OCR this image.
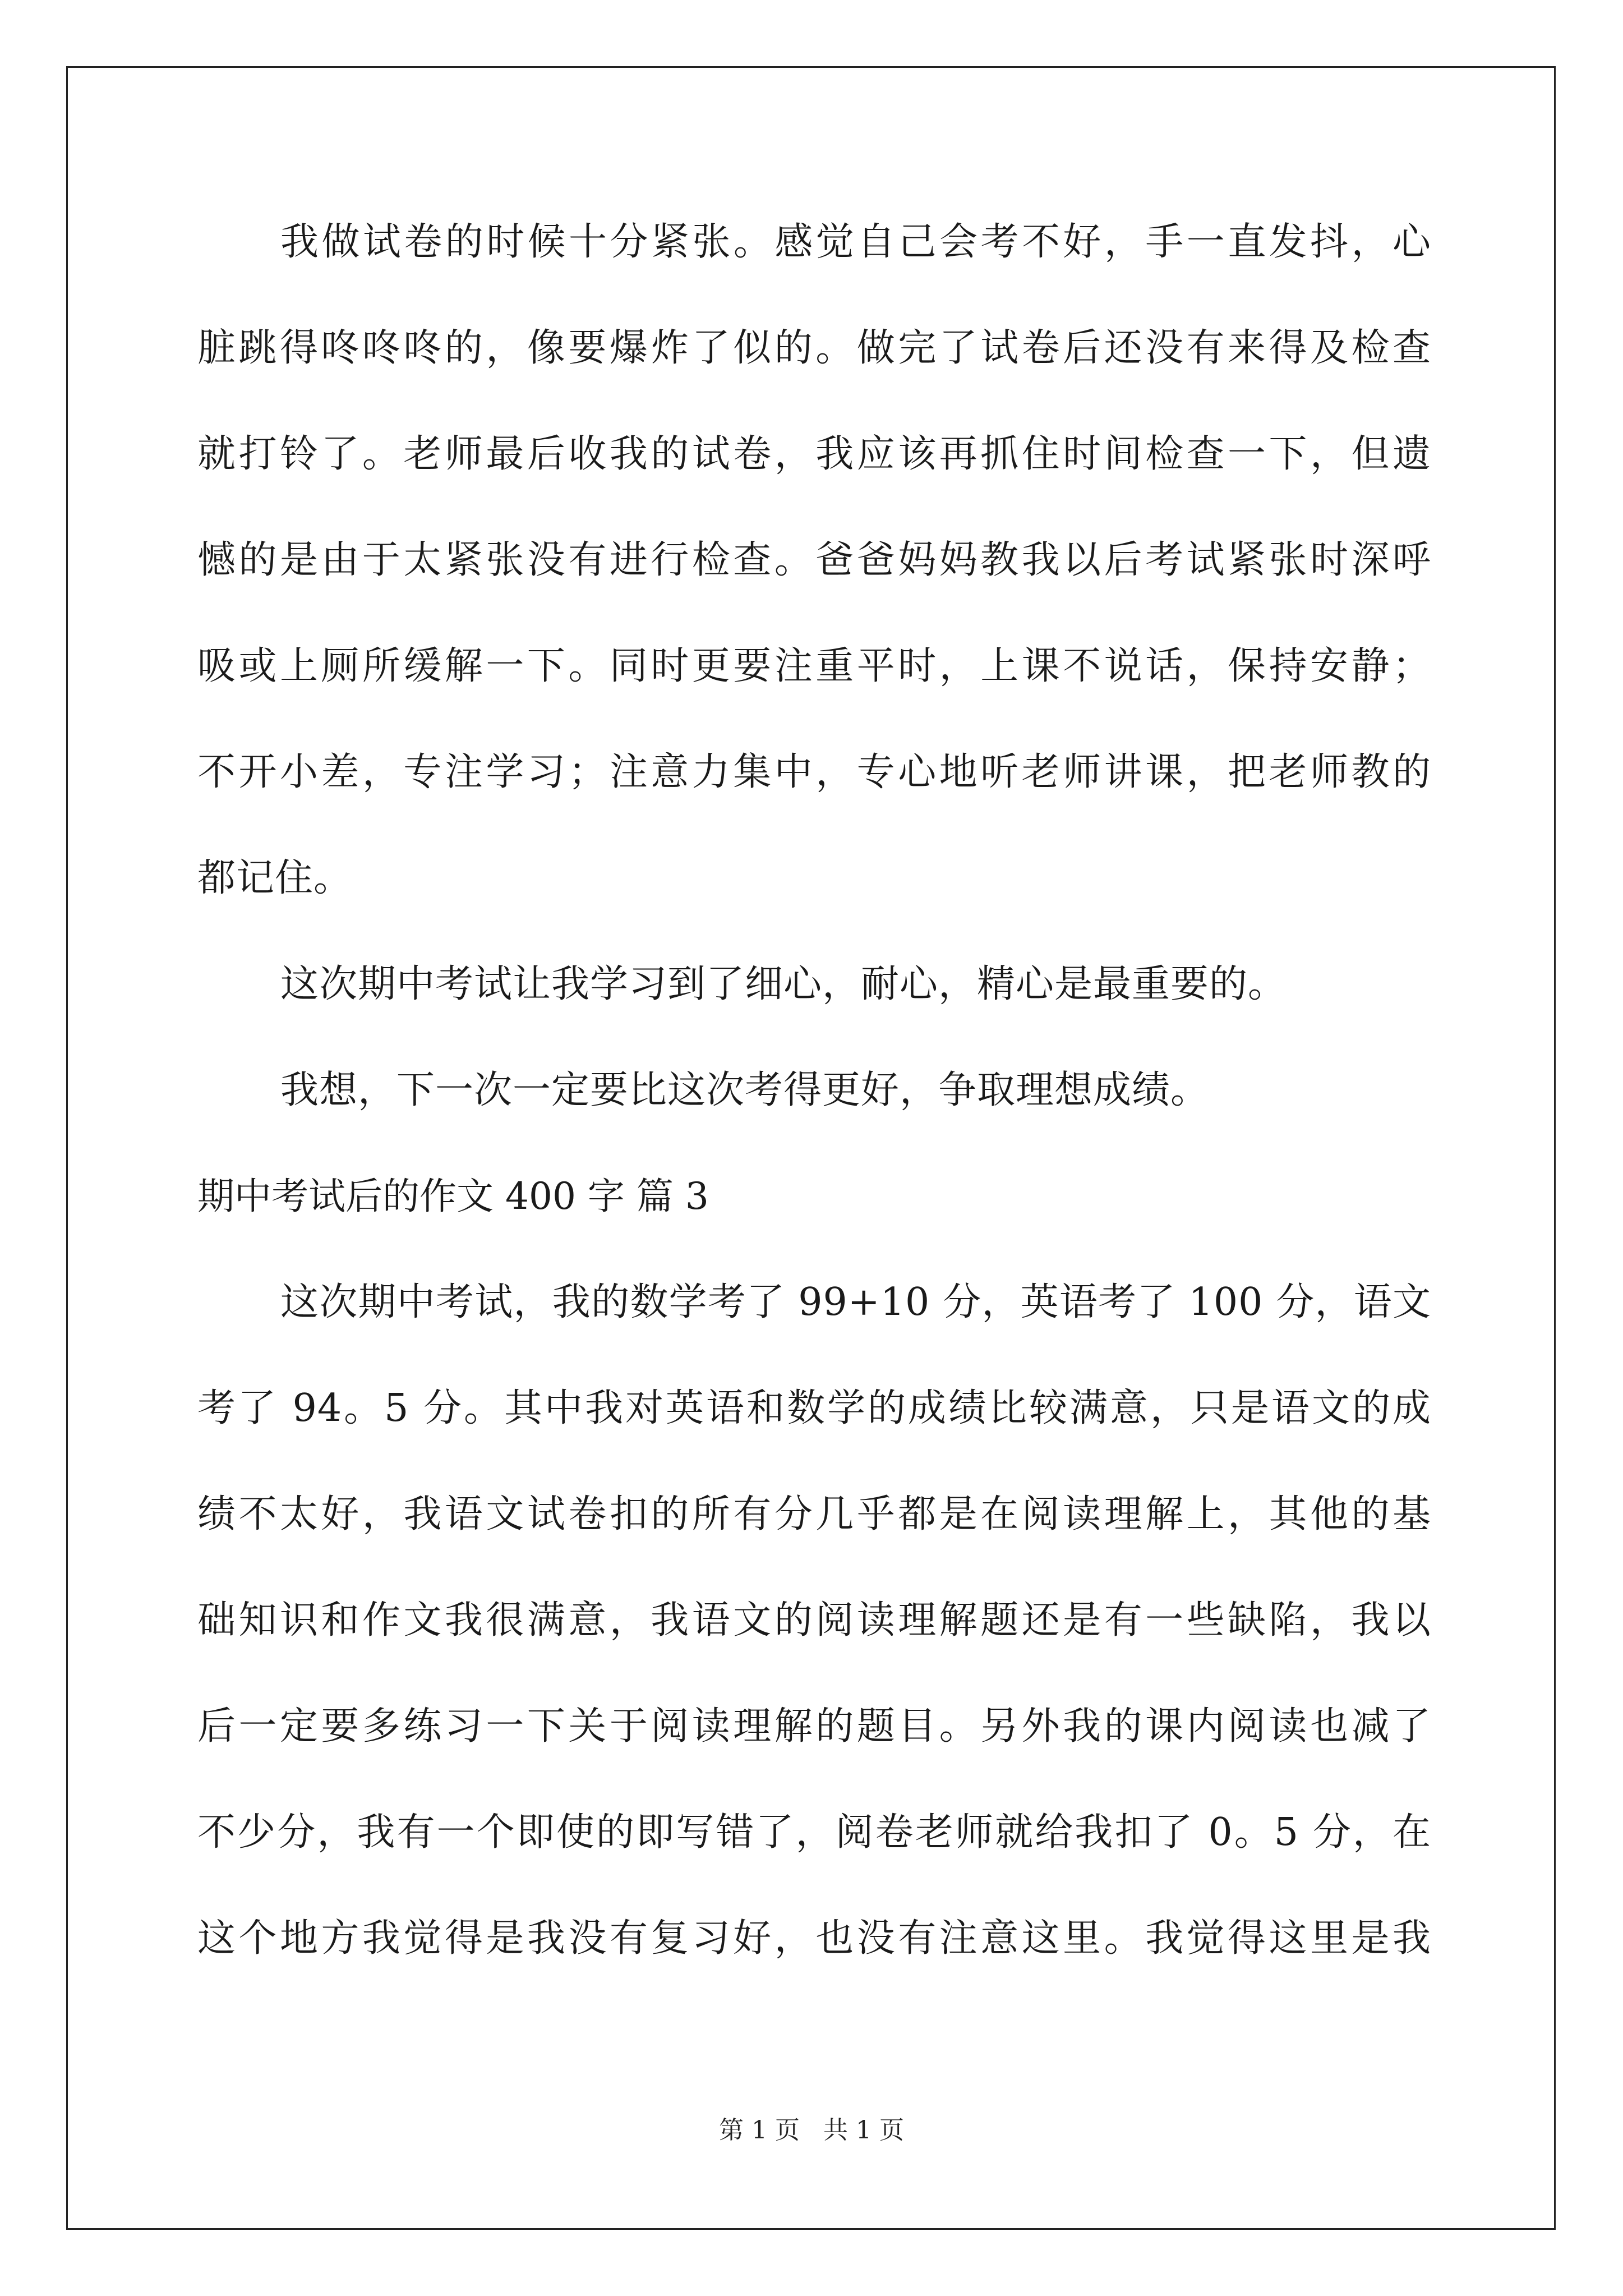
我做试卷的时候十分紧张。感觉自己会考不好，手一直发抖，心
脏跳得咚咚咚的，像要爆炸了似的。做完了试卷后还没有来得及检查
就打铃了。老师最后收我的试卷，我应该再抓住时间检查一下，但遗
憾的是由于太紧张没有进行检查。爸爸妈妈教我以后考试紧张时深呼
吸或上厕所缓解一下。同时更要注重平时，上课不说话，保持安静；
不开小差，专注学习；注意力集中，专心地听老师讲课，把老师教的
都记住。
这次期中考试让我学习到了细心，耐心，精心是最重要的。
我想，下一次一定要比这次考得更好，争取理想成绩。
期中考试后的作文 400 字 篇 3
这次期中考试，我的数学考了 99+10 分，英语考了 100 分，语文
考了 94。5 分。其中我对英语和数学的成绩比较满意，只是语文的成
绩不太好，我语文试卷扣的所有分几乎都是在阅读理解上，其他的基
础知识和作文我很满意，我语文的阅读理解题还是有一些缺陷，我以
后一定要多练习一下关于阅读理解的题目。另外我的课内阅读也减了
不少分，我有一个即使的即写错了，阅卷老师就给我扣了 0。5 分，在
这个地方我觉得是我没有复习好，也没有注意这里。我觉得这里是我
第 1 页 共 1 页
